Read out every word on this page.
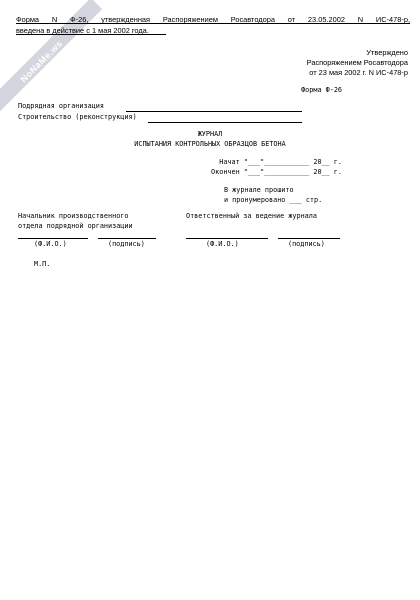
NoNaMe.ws
Форма N Ф-26, утвержденная Распоряжением Росавтодора от 23.05.2002 N ИС-478-р,
введена в действие с 1 мая 2002 года.
Утверждено
Распоряжением Росавтодора
от 23 мая 2002 г. N ИС-478-р
Форма Ф-26
Подрядная организация
Строительство (реконструкция)
ЖУРНАЛ
ИСПЫТАНИЯ КОНТРОЛЬНЫХ ОБРАЗЦОВ БЕТОНА
Начат "___"___________ 20__ г.
Окончен "___"___________ 20__ г.
В журнале прошито
и пронумеровано ___ стр.
Начальник производственного
отдела подрядной организации
Ответственный за ведение журнала
(Ф.И.О.)	(подпись)	(Ф.И.О.)	(подпись)
М.П.
